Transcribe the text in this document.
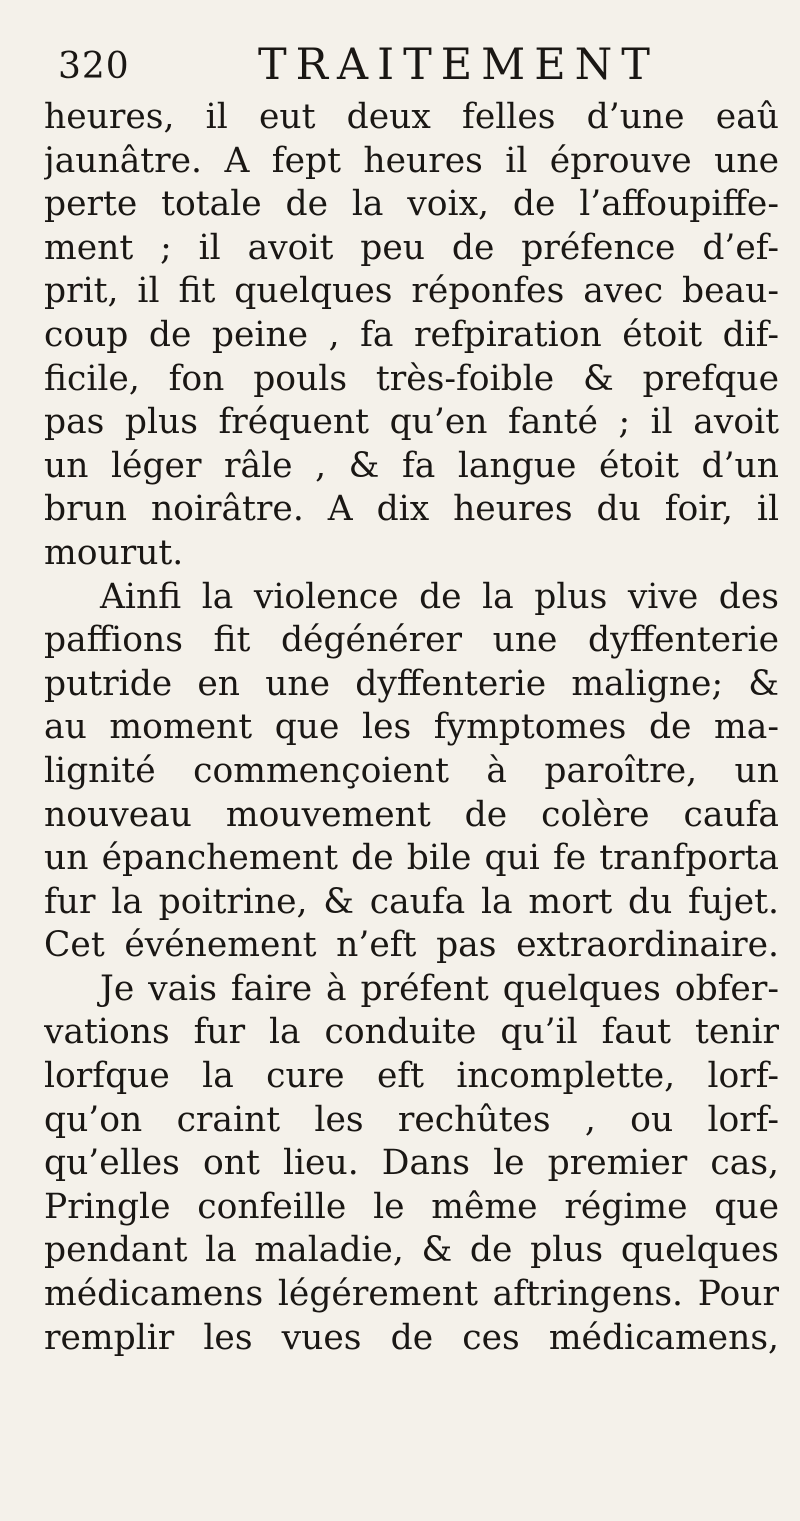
320	TRAITEMENT
heures, il eut deux felles d’une eaû
jaunâtre. A fept heures il éprouve une
perte totale de la voix, de l’affoupiffe-
ment ; il avoit peu de préfence d’ef-
prit, il fit quelques réponfes avec beau-
coup de peine , fa refpiration étoit dif-
ficile, fon pouls très-foible & prefque
pas plus fréquent qu’en fanté ; il avoit
un léger râle , & fa langue étoit d’un
brun noirâtre. A dix heures du foir, il
mourut.
Ainfi la violence de la plus vive des
paffions fit dégénérer une dyffenterie
putride en une dyffenterie maligne; &
au moment que les fymptomes de ma-
lignité commençoient à paroître, un
nouveau mouvement de colère caufa
un épanchement de bile qui fe tranfporta
fur la poitrine, & caufa la mort du fujet.
Cet événement n’eft pas extraordinaire.
Je vais faire à préfent quelques obfer-
vations fur la conduite qu’il faut tenir
lorfque la cure eft incomplette, lorf-
qu’on craint les rechûtes , ou lorf-
qu’elles ont lieu. Dans le premier cas,
Pringle confeille le même régime que
pendant la maladie, & de plus quelques
médicamens légérement aftringens. Pour
remplir les vues de ces médicamens,
